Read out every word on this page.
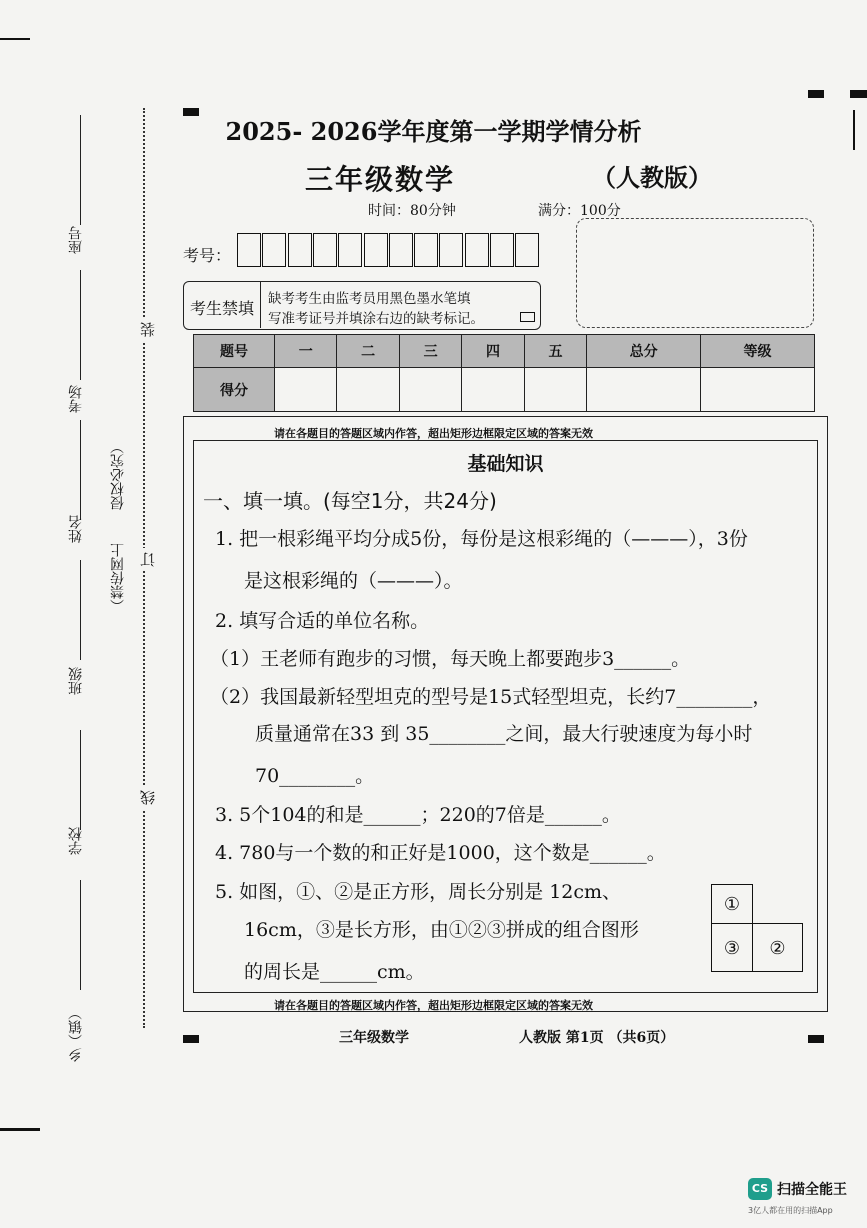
座号
考场
姓名
班级
学校
乡（镇）
装
订
线
（禁传网上
侵权必究）
2025- 2026学年度第一学期学情分析
三年级数学	（人教版）
时间：80分钟	满分：100分
考号：
考生禁填 缺考考生由监考员用黑色墨水笔填
写准考证号并填涂右边的缺考标记。
题号	一	二	三	四	五	总分	等级
得分							
请在各题目的答题区域内作答，超出矩形边框限定区域的答案无效
请在各题目的答题区域内作答，超出矩形边框限定区域的答案无效
基础知识
一、填一填。(每空1分，共24分)
1. 把一根彩绳平均分成5份，每份是这根彩绳的（———），3份
是这根彩绳的（———）。
2. 填写合适的单位名称。
（1）王老师有跑步的习惯，每天晚上都要跑步3______。
（2）我国最新轻型坦克的型号是15式轻型坦克，长约7________，
质量通常在33 到 35________之间，最大行驶速度为每小时
70________。
3. 5个104的和是______；220的7倍是______。
4. 780与一个数的和正好是1000，这个数是______。
5. 如图，①、②是正方形，周长分别是 12cm、
16cm，③是长方形，由①②③拼成的组合图形
的周长是______cm。
①
③	②
三年级数学	人教版 第1页 （共6页）
CS 扫描全能王
3亿人都在用的扫描App
